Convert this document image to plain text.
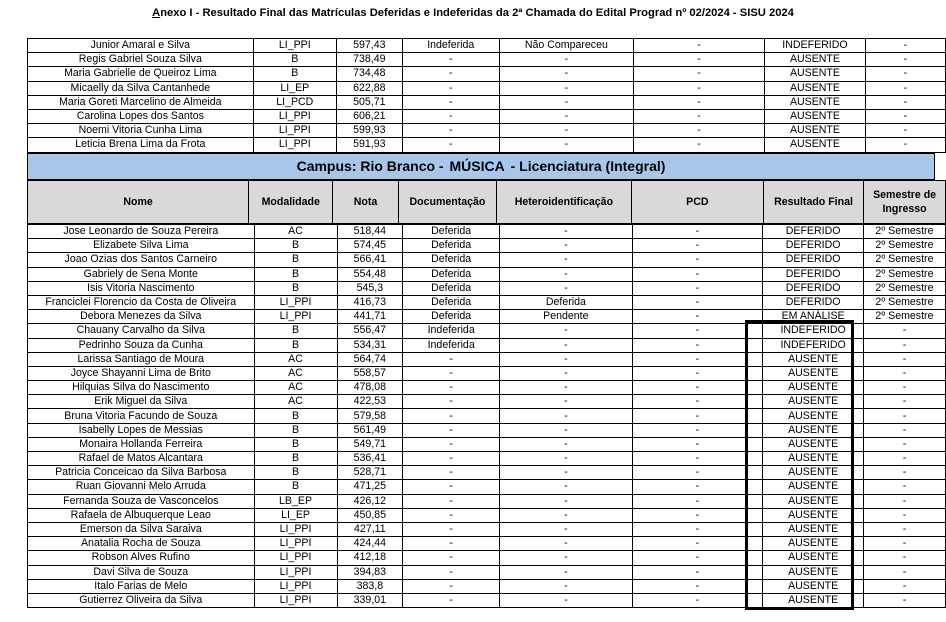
Anexo I - Resultado Final das Matrículas Deferidas e Indeferidas da 2ª Chamada do Edital Prograd nº 02/2024 - SISU 2024
Junior Amaral e Silva	LI_PPI	597,43	Indeferida	Não Compareceu	-	INDEFERIDO	-
Regis Gabriel Souza Silva	B	738,49	-	-	-	AUSENTE	-
Maria Gabrielle de Queiroz Lima	B	734,48	-	-	-	AUSENTE	-
Micaelly da Silva Cantanhede	LI_EP	622,88	-	-	-	AUSENTE	-
Maria Goreti Marcelino de Almeida	LI_PCD	505,71	-	-	-	AUSENTE	-
Carolina Lopes dos Santos	LI_PPI	606,21	-	-	-	AUSENTE	-
Noemi Vitoria Cunha Lima	LI_PPI	599,93	-	-	-	AUSENTE	-
Leticia Brena Lima da Frota	LI_PPI	591,93	-	-	-	AUSENTE	-
Campus: Rio Branco - MÚSICA - Licenciatura (Integral)
Nome	Modalidade	Nota	Documentação	Heteroidentificação	PCD	Resultado Final	Semestre de
Ingresso
Jose Leonardo de Souza Pereira	AC	518,44	Deferida	-	-	DEFERIDO	2º Semestre
Elizabete Silva Lima	B	574,45	Deferida	-	-	DEFERIDO	2º Semestre
Joao Ozias dos Santos Carneiro	B	566,41	Deferida	-	-	DEFERIDO	2º Semestre
Gabriely de Sena Monte	B	554,48	Deferida	-	-	DEFERIDO	2º Semestre
Isis Vitoria Nascimento	B	545,3	Deferida	-	-	DEFERIDO	2º Semestre
Franciclei Florencio da Costa de Oliveira	LI_PPI	416,73	Deferida	Deferida	-	DEFERIDO	2º Semestre
Debora Menezes da Silva	LI_PPI	441,71	Deferida	Pendente	-	EM ANÁLISE	2º Semestre
Chauany Carvalho da Silva	B	556,47	Indeferida	-	-	INDEFERIDO	-
Pedrinho Souza da Cunha	B	534,31	Indeferida	-	-	INDEFERIDO	-
Larissa Santiago de Moura	AC	564,74	-	-	-	AUSENTE	-
Joyce Shayanni Lima de Brito	AC	558,57	-	-	-	AUSENTE	-
Hilquias Silva do Nascimento	AC	478,08	-	-	-	AUSENTE	-
Erik Miguel da Silva	AC	422,53	-	-	-	AUSENTE	-
Bruna Vitoria Facundo de Souza	B	579,58	-	-	-	AUSENTE	-
Isabelly Lopes de Messias	B	561,49	-	-	-	AUSENTE	-
Monaira Hollanda Ferreira	B	549,71	-	-	-	AUSENTE	-
Rafael de Matos Alcantara	B	536,41	-	-	-	AUSENTE	-
Patricia Conceicao da Silva Barbosa	B	528,71	-	-	-	AUSENTE	-
Ruan Giovanni Melo Arruda	B	471,25	-	-	-	AUSENTE	-
Fernanda Souza de Vasconcelos	LB_EP	426,12	-	-	-	AUSENTE	-
Rafaela de Albuquerque Leao	LI_EP	450,85	-	-	-	AUSENTE	-
Emerson da Silva Saraiva	LI_PPI	427,11	-	-	-	AUSENTE	-
Anatalia Rocha de Souza	LI_PPI	424,44	-	-	-	AUSENTE	-
Robson Alves Rufino	LI_PPI	412,18	-	-	-	AUSENTE	-
Davi Silva de Souza	LI_PPI	394,83	-	-	-	AUSENTE	-
Italo Farias de Melo	LI_PPI	383,8	-	-	-	AUSENTE	-
Gutierrez Oliveira da Silva	LI_PPI	339,01	-	-	-	AUSENTE	-
